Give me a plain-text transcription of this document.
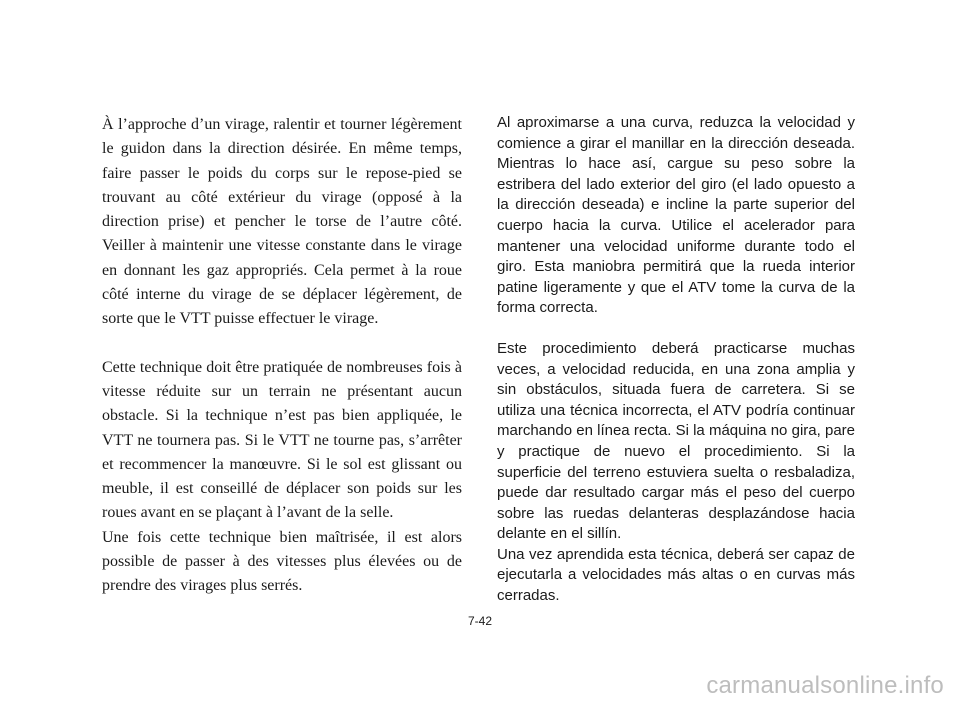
À l’approche d’un virage, ralentir et tourner légèrement le guidon dans la direction désirée. En même temps, faire passer le poids du corps sur le repose-pied se trouvant au côté extérieur du virage (opposé à la direction prise) et pencher le torse de l’autre côté. Veiller à maintenir une vitesse constante dans le virage en donnant les gaz appropriés. Cela permet à la roue côté interne du virage de se déplacer légèrement, de sorte que le VTT puisse effectuer le virage.

Cette technique doit être pratiquée de nombreuses fois à vitesse réduite sur un terrain ne présentant aucun obstacle. Si la technique n’est pas bien appliquée, le VTT ne tournera pas. Si le VTT ne tourne pas, s’arrêter et recommencer la manœuvre. Si le sol est glissant ou meuble, il est conseillé de déplacer son poids sur les roues avant en se plaçant à l’avant de la selle.

Une fois cette technique bien maîtrisée, il est alors possible de passer à des vitesses plus élevées ou de prendre des virages plus serrés.

Al aproximarse a una curva, reduzca la velocidad y comience a girar el manillar en la dirección deseada. Mientras lo hace así, cargue su peso sobre la estribera del lado exterior del giro (el lado opuesto a la dirección deseada) e incline la parte superior del cuerpo hacia la curva. Utilice el acelerador para mantener una velocidad uniforme durante todo el giro. Esta maniobra permitirá que la rueda interior patine ligeramente y que el ATV tome la curva de la forma correcta.

Este procedimiento deberá practicarse muchas veces, a velocidad reducida, en una zona amplia y sin obstáculos, situada fuera de carretera. Si se utiliza una técnica incorrecta, el ATV podría continuar marchando en línea recta. Si la máquina no gira, pare y practique de nuevo el procedimiento. Si la superficie del terreno estuviera suelta o resbaladiza, puede dar resultado cargar más el peso del cuerpo sobre las ruedas delanteras desplazándose hacia delante en el sillín.

Una vez aprendida esta técnica, deberá ser capaz de ejecutarla a velocidades más altas o en curvas más cerradas.

7-42
carmanualsonline.info
